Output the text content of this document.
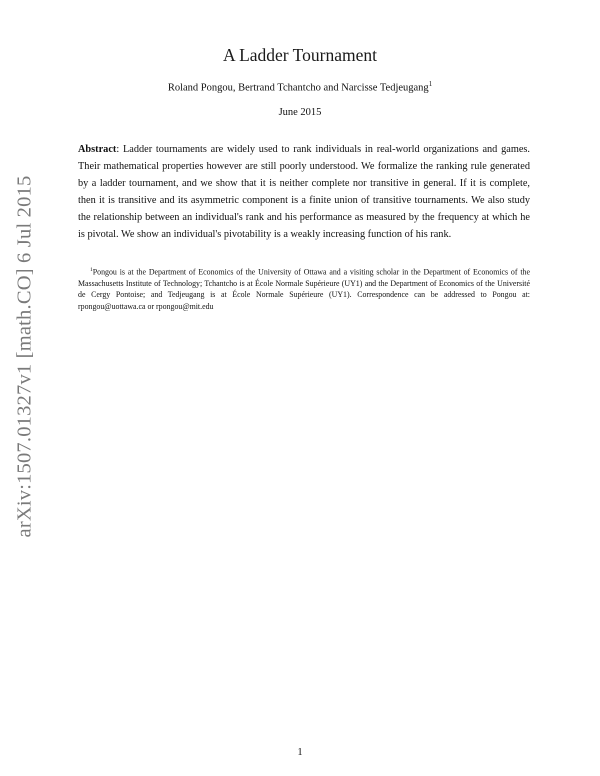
arXiv:1507.01327v1 [math.CO] 6 Jul 2015
A Ladder Tournament
Roland Pongou, Bertrand Tchantcho and Narcisse Tedjeugang$^1$
June 2015

Abstract: Ladder tournaments are widely used to rank individuals in real-world organizations and games. Their mathematical properties however are still poorly understood. We formalize the ranking rule generated by a ladder tournament, and we show that it is neither complete nor transitive in general. If it is complete, then it is transitive and its asymmetric component is a finite union of transitive tournaments. We also study the relationship between an individual's rank and his performance as measured by the frequency at which he is pivotal. We show an individual's pivotability is a weakly increasing function of his rank.

$^1$Pongou is at the Department of Economics of the University of Ottawa and a visiting scholar in the Department of Economics of the Massachusetts Institute of Technology; Tchantcho is at École Normale Supérieure (UY1) and the Department of Economics of the Université de Cergy Pontoise; and Tedjeugang is at École Normale Supérieure (UY1). Correspondence can be addressed to Pongou at: rpongou@uottawa.ca or rpongou@mit.edu

1
